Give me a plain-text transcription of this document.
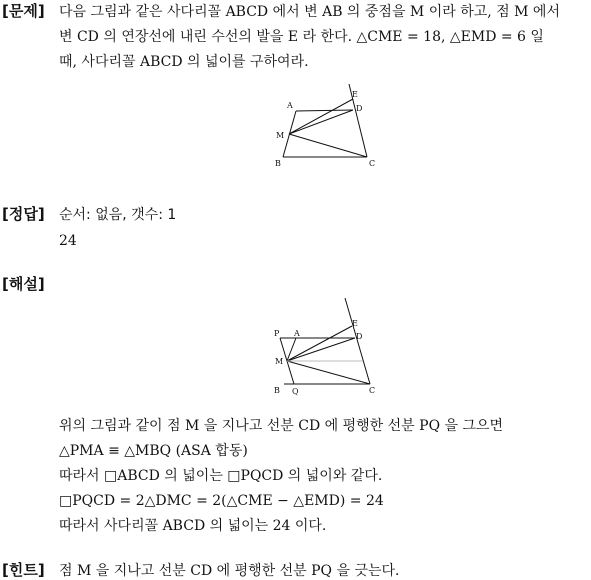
[문제] 다음 그림과 같은 사다리꼴 ABCD 에서 변 AB 의 중점을 M 이라 하고, 점 M 에서
변 CD 의 연장선에 내린 수선의 발을 E 라 한다. △CME = 18, △EMD = 6 일
때, 사다리꼴 ABCD 의 넓이를 구하여라.
A
E
D
M
B	C
[정답] 순서: 없음, 갯수: 1
24
[해설]
P A
E
D
M
B Q	C
위의 그림과 같이 점 M 을 지나고 선분 CD 에 평행한 선분 PQ 을 그으면
△PMA ≡ △MBQ (ASA 합동)
따라서 □ABCD 의 넓이는 □PQCD 의 넓이와 같다.
□PQCD = 2△DMC = 2(△CME − △EMD) = 24
따라서 사다리꼴 ABCD 의 넓이는 24 이다.
[힌트] 점 M 을 지나고 선분 CD 에 평행한 선분 PQ 을 긋는다.
